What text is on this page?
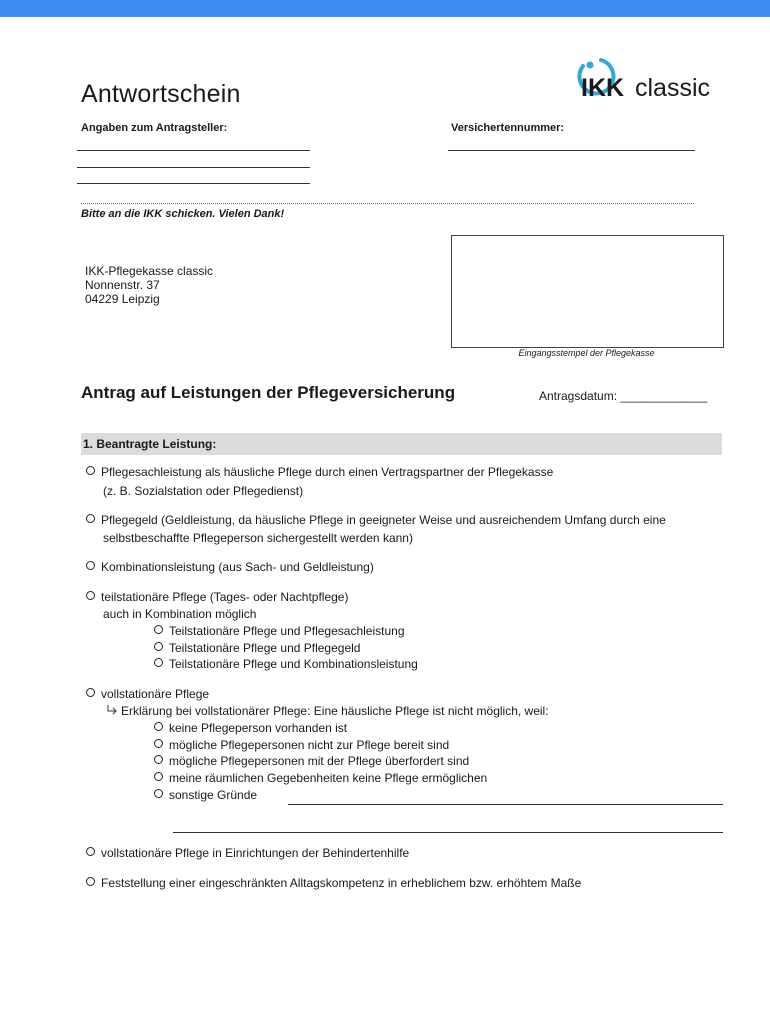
Antwortschein	IKK classic
Angaben zum Antragsteller:	Versichertennummer:
Bitte an die IKK schicken. Vielen Dank!
IKK-Pflegekasse classic
Nonnenstr. 37
04229 Leipzig
Eingangsstempel der Pflegekasse
Antrag auf Leistungen der Pflegeversicherung	Antragsdatum: _____________
1. Beantragte Leistung:
Pflegesachleistung als häusliche Pflege durch einen Vertragspartner der Pflegekasse
(z. B. Sozialstation oder Pflegedienst)
Pflegegeld (Geldleistung, da häusliche Pflege in geeigneter Weise und ausreichendem Umfang durch eine
selbstbeschaffte Pflegeperson sichergestellt werden kann)
Kombinationsleistung (aus Sach- und Geldleistung)
teilstationäre Pflege (Tages- oder Nachtpflege)
auch in Kombination möglich
Teilstationäre Pflege und Pflegesachleistung
Teilstationäre Pflege und Pflegegeld
Teilstationäre Pflege und Kombinationsleistung
vollstationäre Pflege
Erklärung bei vollstationärer Pflege: Eine häusliche Pflege ist nicht möglich, weil:
keine Pflegeperson vorhanden ist
mögliche Pflegepersonen nicht zur Pflege bereit sind
mögliche Pflegepersonen mit der Pflege überfordert sind
meine räumlichen Gegebenheiten keine Pflege ermöglichen
sonstige Gründe
vollstationäre Pflege in Einrichtungen der Behindertenhilfe
Feststellung einer eingeschränkten Alltagskompetenz in erheblichem bzw. erhöhtem Maße
